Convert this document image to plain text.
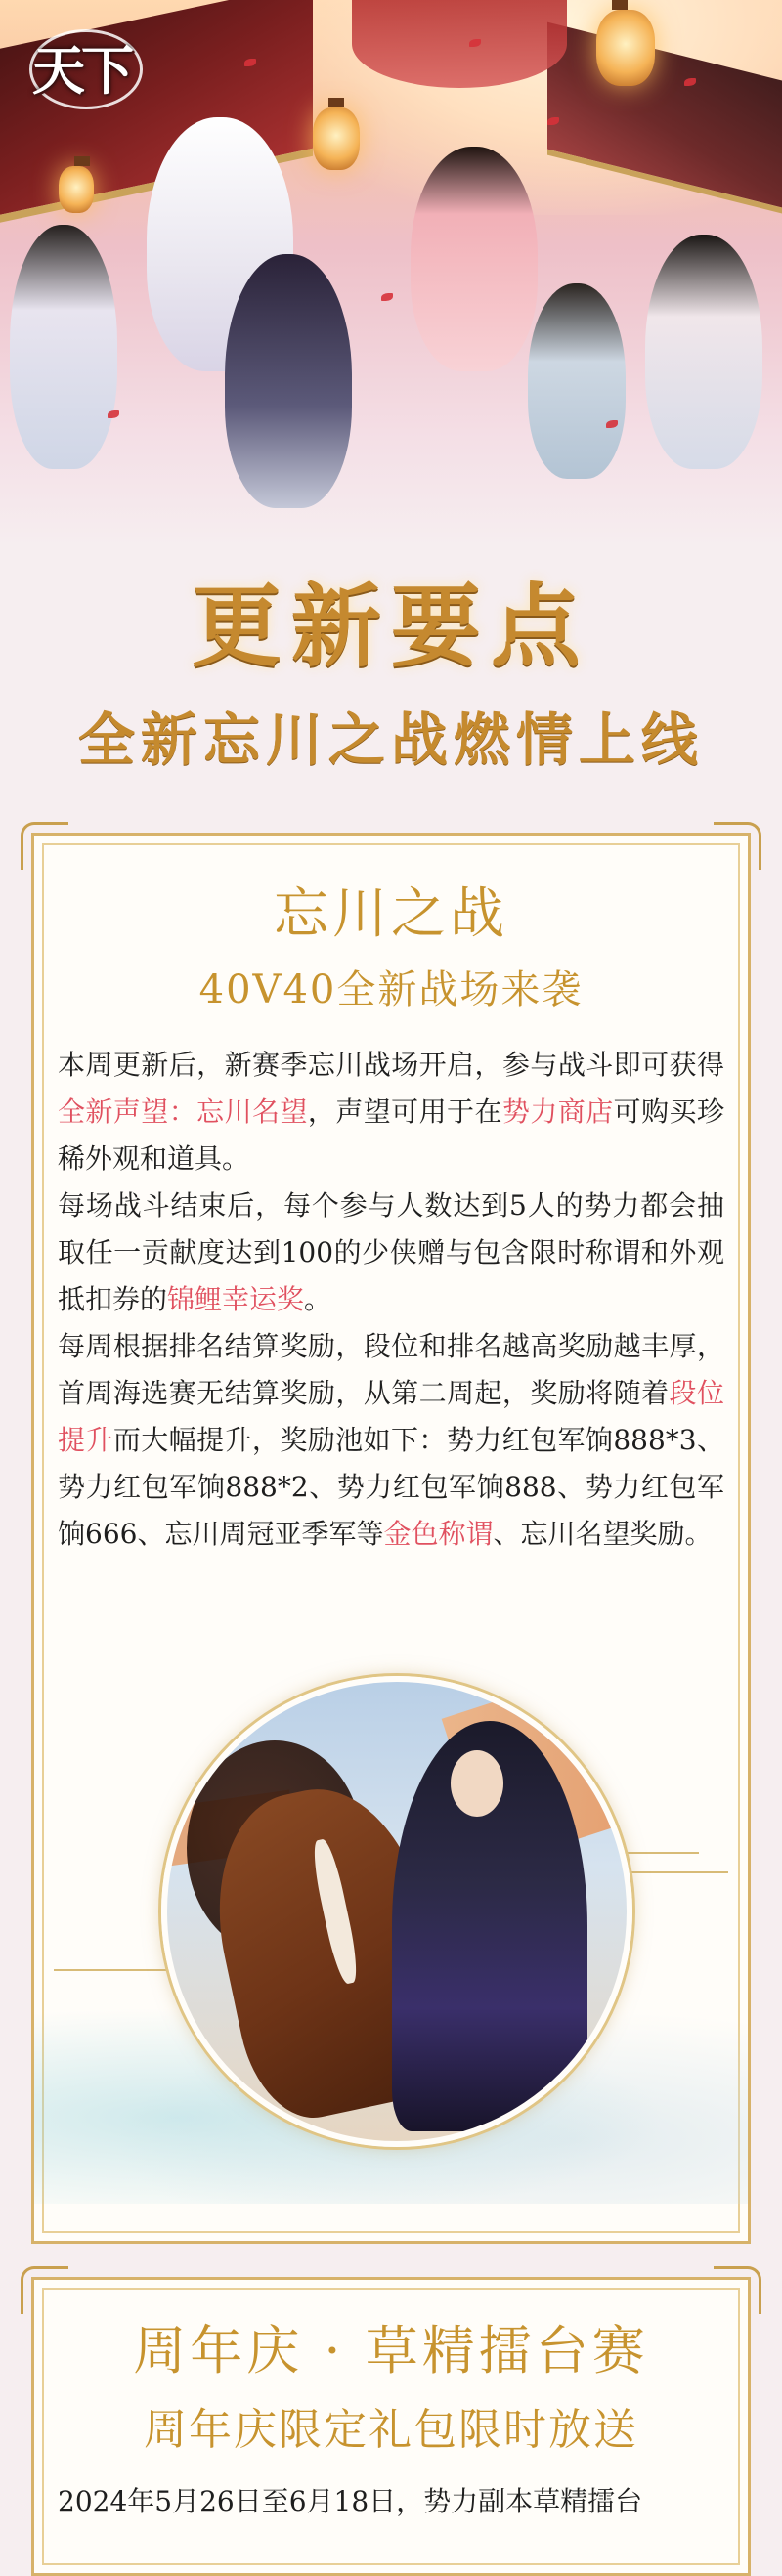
天下
更新要点
全新忘川之战燃情上线
忘川之战
40V40全新战场来袭
本周更新后，新赛季忘川战场开启，参与战斗即可获得全新声望：忘川名望，声望可用于在势力商店可购买珍稀外观和道具。
每场战斗结束后，每个参与人数达到5人的势力都会抽取任一贡献度达到100的少侠赠与包含限时称谓和外观抵扣券的锦鲤幸运奖。
每周根据排名结算奖励，段位和排名越高奖励越丰厚，首周海选赛无结算奖励，从第二周起，奖励将随着段位提升而大幅提升，奖励池如下：势力红包军饷888*3、势力红包军饷888*2、势力红包军饷888、势力红包军饷666、忘川周冠亚季军等金色称谓、忘川名望奖励。
周年庆 · 草精擂台赛
周年庆限定礼包限时放送
2024年5月26日至6月18日，势力副本草精擂台
